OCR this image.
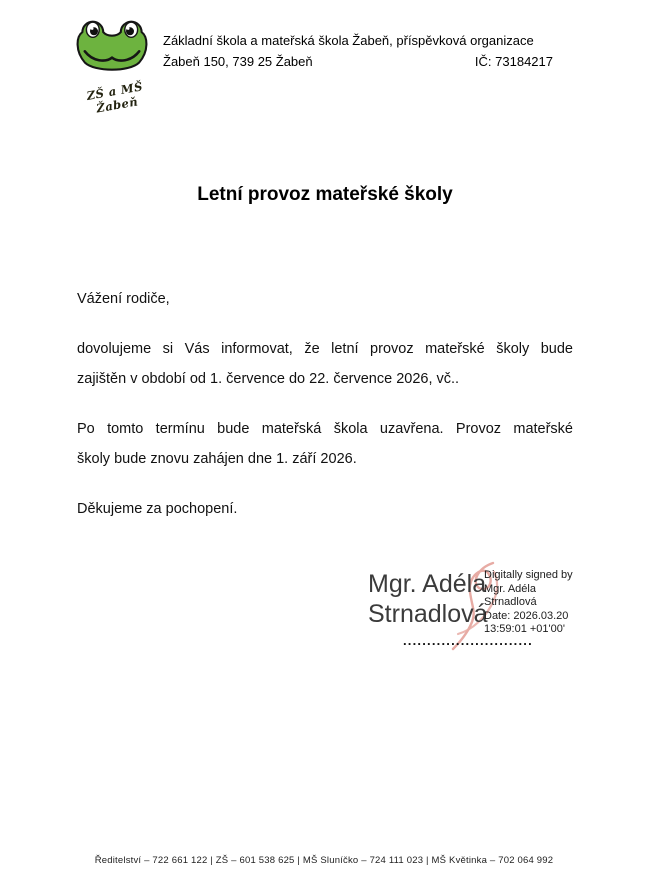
ZŠ a MŠ Žabeň
Základní škola a mateřská škola Žabeň, příspěvková organizace
Žabeň 150, 739 25 Žabeň	IČ: 73184217
Letní provoz mateřské školy

Vážení rodiče,

dovolujeme si Vás informovat, že letní provoz mateřské školy bude
zajištěn v období od 1. července do 22. července 2026, vč..

Po tomto termínu bude mateřská škola uzavřena. Provoz mateřské
školy bude znovu zahájen dne 1. září 2026.

Děkujeme za pochopení.

Mgr. Adéla
Strnadlová
Digitally signed by
Mgr. Adéla
Strnadlová
Date: 2026.03.20
13:59:01 +01'00'
...........................
Ředitelství – 722 661 122 | ZŠ – 601 538 625 | MŠ Sluníčko – 724 111 023 | MŠ Květinka – 702 064 992
